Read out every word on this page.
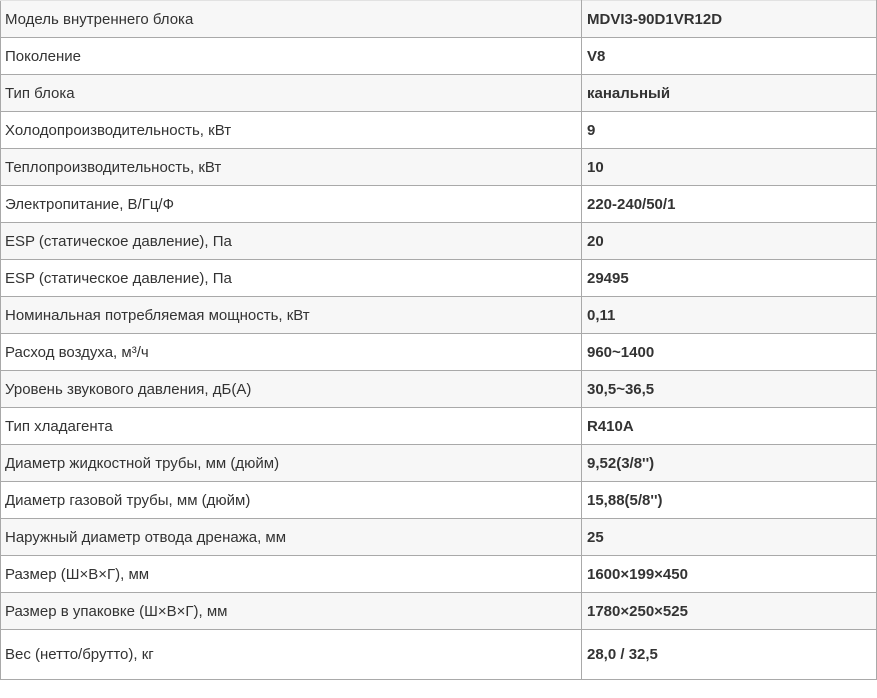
Модель внутреннего блока	MDVI3-90D1VR12D
Поколение	V8
Тип блока	канальный
Холодопроизводительность, кВт	9
Теплопроизводительность, кВт	10
Электропитание, В/Гц/Ф	220-240/50/1
ESP (статическое давление), Па	20
ESP (статическое давление), Па	29495
Номинальная потребляемая мощность, кВт	0,11
Расход воздуха, м³/ч	960~1400
Уровень звукового давления, дБ(А)	30,5~36,5
Тип хладагента	R410A
Диаметр жидкостной трубы, мм (дюйм)	9,52(3/8'')
Диаметр газовой трубы, мм (дюйм)	15,88(5/8'')
Наружный диаметр отвода дренажа, мм	25
Размер (Ш×В×Г), мм	1600×199×450
Размер в упаковке (Ш×В×Г), мм	1780×250×525
Вес (нетто/брутто), кг	28,0 / 32,5
